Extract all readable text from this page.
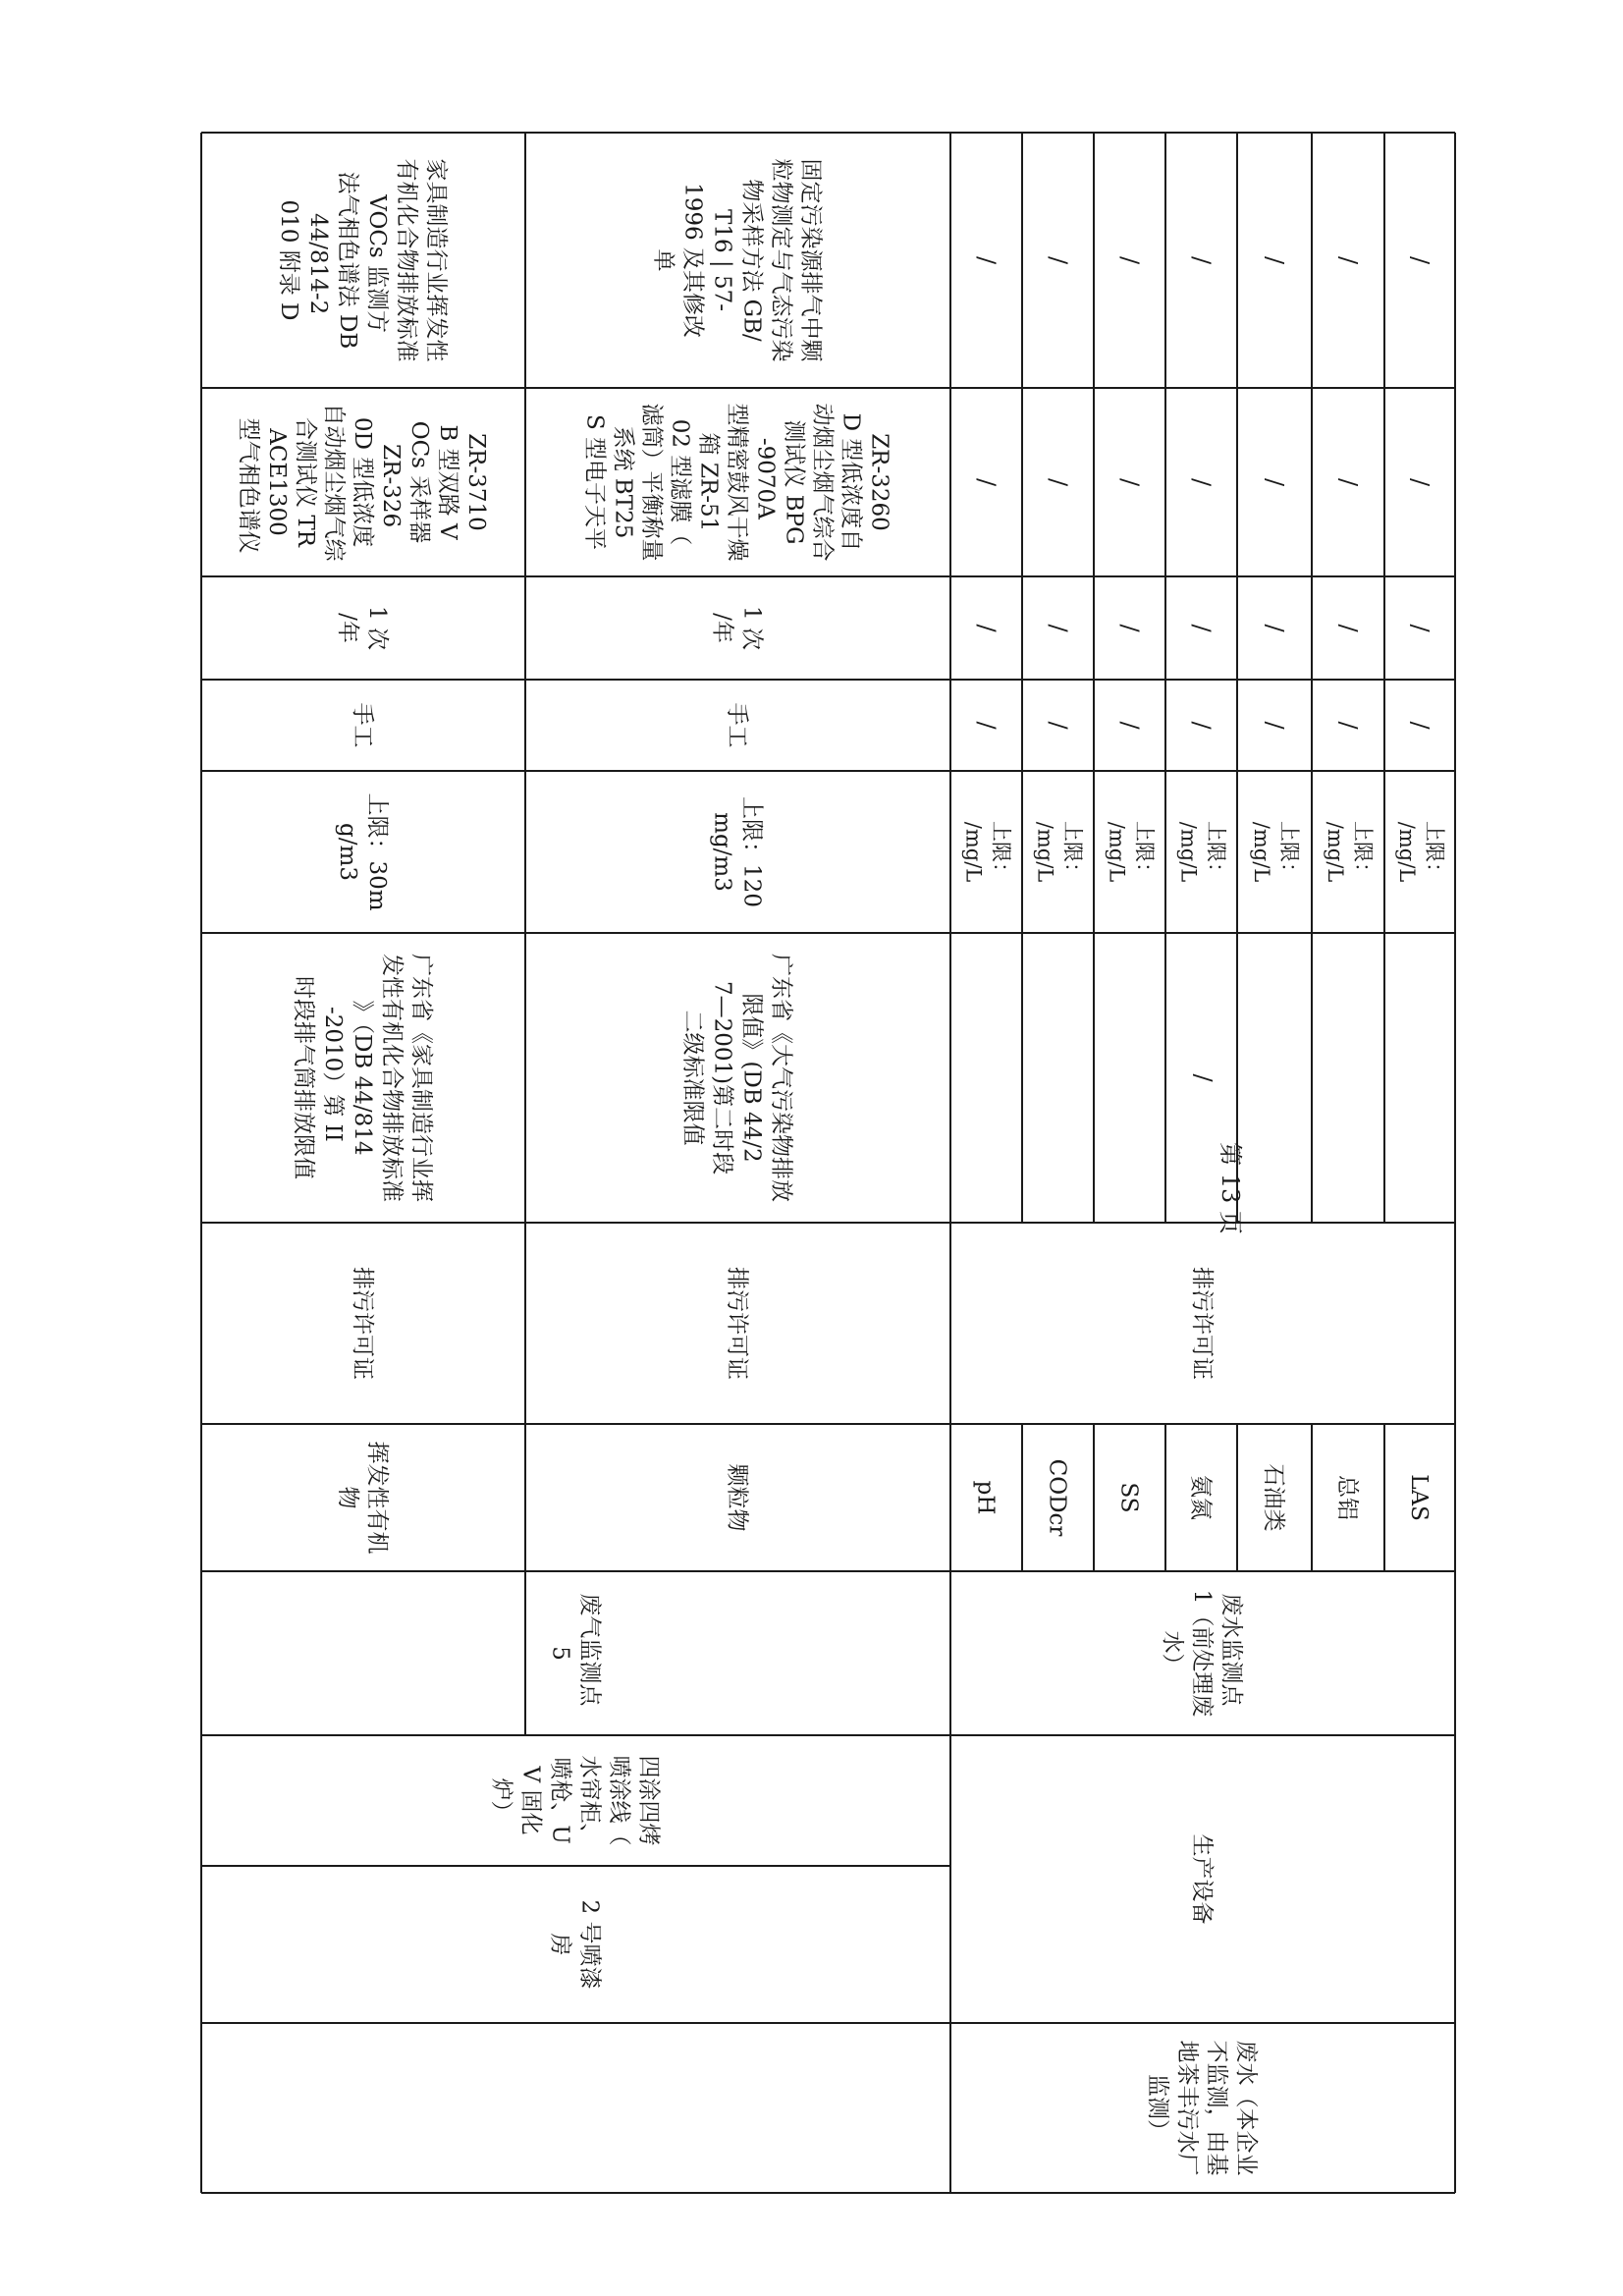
家具制造行业挥发性有机化合物排放标准 VOCs 监测方法气相色谱法 DB 44/814-2010 附录 D
ZR-3710B 型双路 VOCs 采样器 ZR-3260D 型低浓度自动烟尘烟气综合测试仪 TRACE1300 型气相色谱仪
1 次/年
手工
上限：30mg/m3
广东省《家具制造行业挥发性有机化合物排放标准》（DB 44/814-2010）第 II 时段排气筒排放限值
排污许可证
挥发性有机物
固定污染源排气中颗粒物测定与气态污染物采样方法 GB/T16 | 57-1996 及其修改单
ZR-3260D 型低浓度自动烟尘烟气综合测试仪 BPG-9070A 型精密鼓风干燥箱 ZR-5102 型滤膜（滤筒）平衡称量系统 BT25S 型电子天平
1 次/年
手工
上限：120mg/m3
广东省《大气污染物排放限值》(DB 44/27—2001)第二时段二级标准限值
排污许可证
颗粒物
废气监测点 5
四涂四烤喷涂线（水帘柜、喷枪、UV 固化炉）
2 号喷漆房
pH
上限：/mg/L
/
/
/
/
CODcr
上限：/mg/L
/
/
/
/
SS
上限：/mg/L
/
/
/
/
氨氮
上限：/mg/L
/
/
/
/
石油类
上限：/mg/L
/
/
/
/
总铝
上限：/mg/L
/
/
/
/
LAS
上限：/mg/L
/
/
/
/
/
排污许可证
废水监测点 1（前处理废水）
生产设备
废水（本企业不监测，由基地茶丰污水厂监测）
第 13 页
